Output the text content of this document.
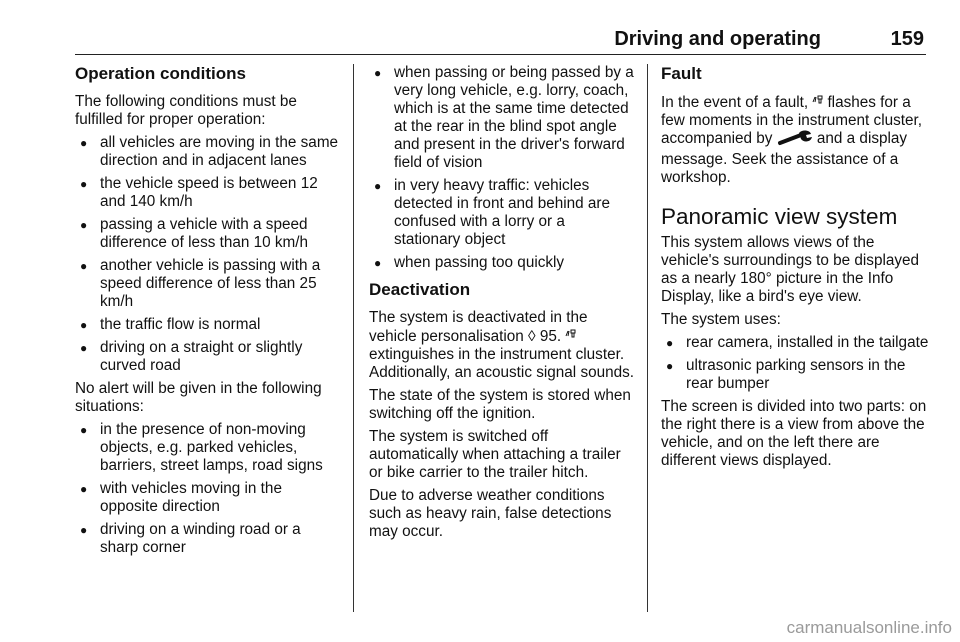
Driving and operating	159
Operation conditions

The following conditions must be fulfilled for proper operation:

● all vehicles are moving in the same direction and in adjacent lanes
● the vehicle speed is between 12 and 140 km/h
● passing a vehicle with a speed difference of less than 10 km/h
● another vehicle is passing with a speed difference of less than 25 km/h
● the traffic flow is normal
● driving on a straight or slightly curved road

No alert will be given in the following situations:

● in the presence of non-moving objects, e.g. parked vehicles, barriers, street lamps, road signs
● with vehicles moving in the opposite direction
● driving on a winding road or a sharp corner
● when passing or being passed by a very long vehicle, e.g. lorry, coach, which is at the same time detected at the rear in the blind spot angle and present in the driver's forward field of vision
● in very heavy traffic: vehicles detected in front and behind are confused with a lorry or a stationary object
● when passing too quickly
Deactivation

The system is deactivated in the vehicle personalisation ◊ 95.  extinguishes in the instrument cluster. Additionally, an acoustic signal sounds.

The state of the system is stored when switching off the ignition.

The system is switched off automatically when attaching a trailer or bike carrier to the trailer hitch.

Due to adverse weather conditions such as heavy rain, false detections may occur.

Fault

In the event of a fault, flashes for a few moments in the instrument cluster, accompanied by	and a display message. Seek the assistance of a workshop.

Panoramic view system

This system allows views of the vehicle's surroundings to be displayed as a nearly 180° picture in the Info Display, like a bird's eye view.

The system uses:

● rear camera, installed in the tailgate
● ultrasonic parking sensors in the rear bumper

The screen is divided into two parts: on the right there is a view from above the vehicle, and on the left there are different views displayed.

carmanualsonline.info
